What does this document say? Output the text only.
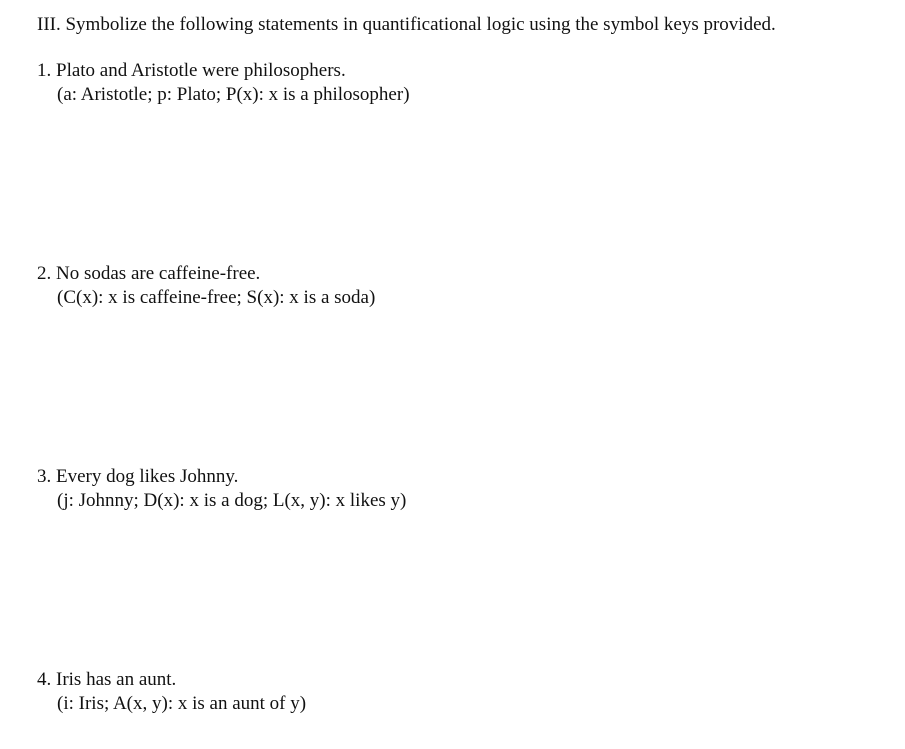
III. Symbolize the following statements in quantificational logic using the symbol keys provided.
1. Plato and Aristotle were philosophers.
(a: Aristotle; p: Plato; P(x): x is a philosopher)
2. No sodas are caffeine-free.
(C(x): x is caffeine-free; S(x): x is a soda)
3. Every dog likes Johnny.
(j: Johnny; D(x): x is a dog; L(x, y): x likes y)
4. Iris has an aunt.
(i: Iris; A(x, y): x is an aunt of y)
